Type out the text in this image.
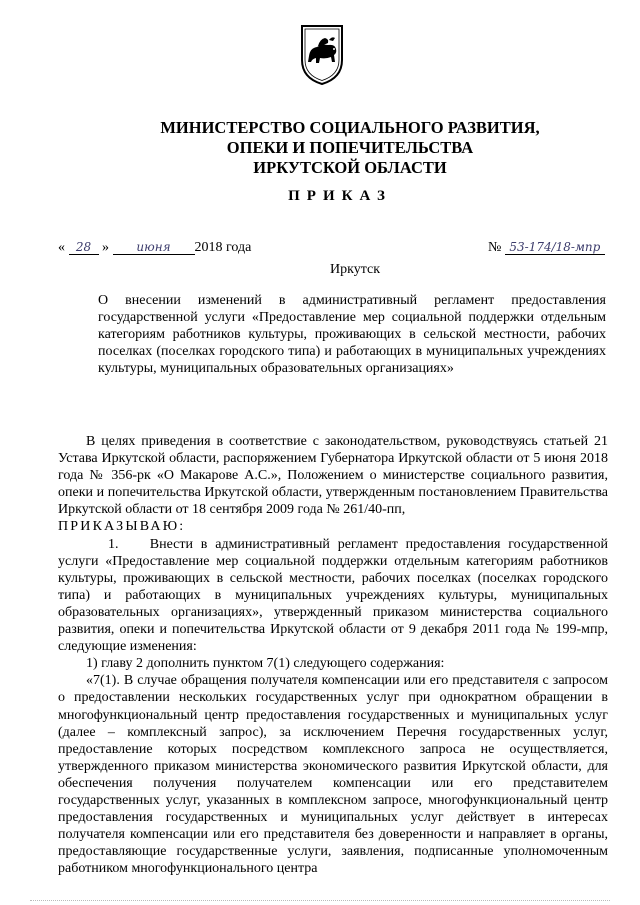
МИНИСТЕРСТВО СОЦИАЛЬНОГО РАЗВИТИЯ,
ОПЕКИ И ПОПЕЧИТЕЛЬСТВА
ИРКУТСКОЙ ОБЛАСТИ
ПРИКАЗ
« 28 » июня 2018 года	№ 53-174/18-мпр
Иркутск

О внесении изменений в административный регламент предоставления государственной услуги «Предоставление мер социальной поддержки отдельным категориям работников культуры, проживающих в сельской местности, рабочих поселках (поселках городского типа) и работающих в муниципальных учреждениях культуры, муниципальных образовательных организациях»

В целях приведения в соответствие с законодательством, руководствуясь статьей 21 Устава Иркутской области, распоряжением Губернатора Иркутской области от 5 июня 2018 года № 356-рк «О Макарове А.С.», Положением о министерстве социального развития, опеки и попечительства Иркутской области, утвержденным постановлением Правительства Иркутской области от 18 сентября 2009 года № 261/40-пп,

ПРИКАЗЫВАЮ:

1.    Внести в административный регламент предоставления государственной услуги «Предоставление мер социальной поддержки отдельным категориям работников культуры, проживающих в сельской местности, рабочих поселках (поселках городского типа) и работающих в муниципальных учреждениях культуры, муниципальных образовательных организациях», утвержденный приказом министерства социального развития, опеки и попечительства Иркутской области от 9 декабря 2011 года № 199-мпр, следующие изменения:

1) главу 2 дополнить пунктом 7(1) следующего содержания:

«7(1). В случае обращения получателя компенсации или его представителя с запросом о предоставлении нескольких государственных услуг при однократном обращении в многофункциональный центр предоставления государственных и муниципальных услуг (далее – комплексный запрос), за исключением Перечня государственных услуг, предоставление которых посредством комплексного запроса не осуществляется, утвержденного приказом министерства экономического развития Иркутской области, для обеспечения получения получателем компенсации или его представителем государственных услуг, указанных в комплексном запросе, многофункциональный центр предоставления государственных и муниципальных услуг действует в интересах получателя компенсации или его представителя без доверенности и направляет в органы, предоставляющие государственные услуги, заявления, подписанные уполномоченным работником многофункционального центра
